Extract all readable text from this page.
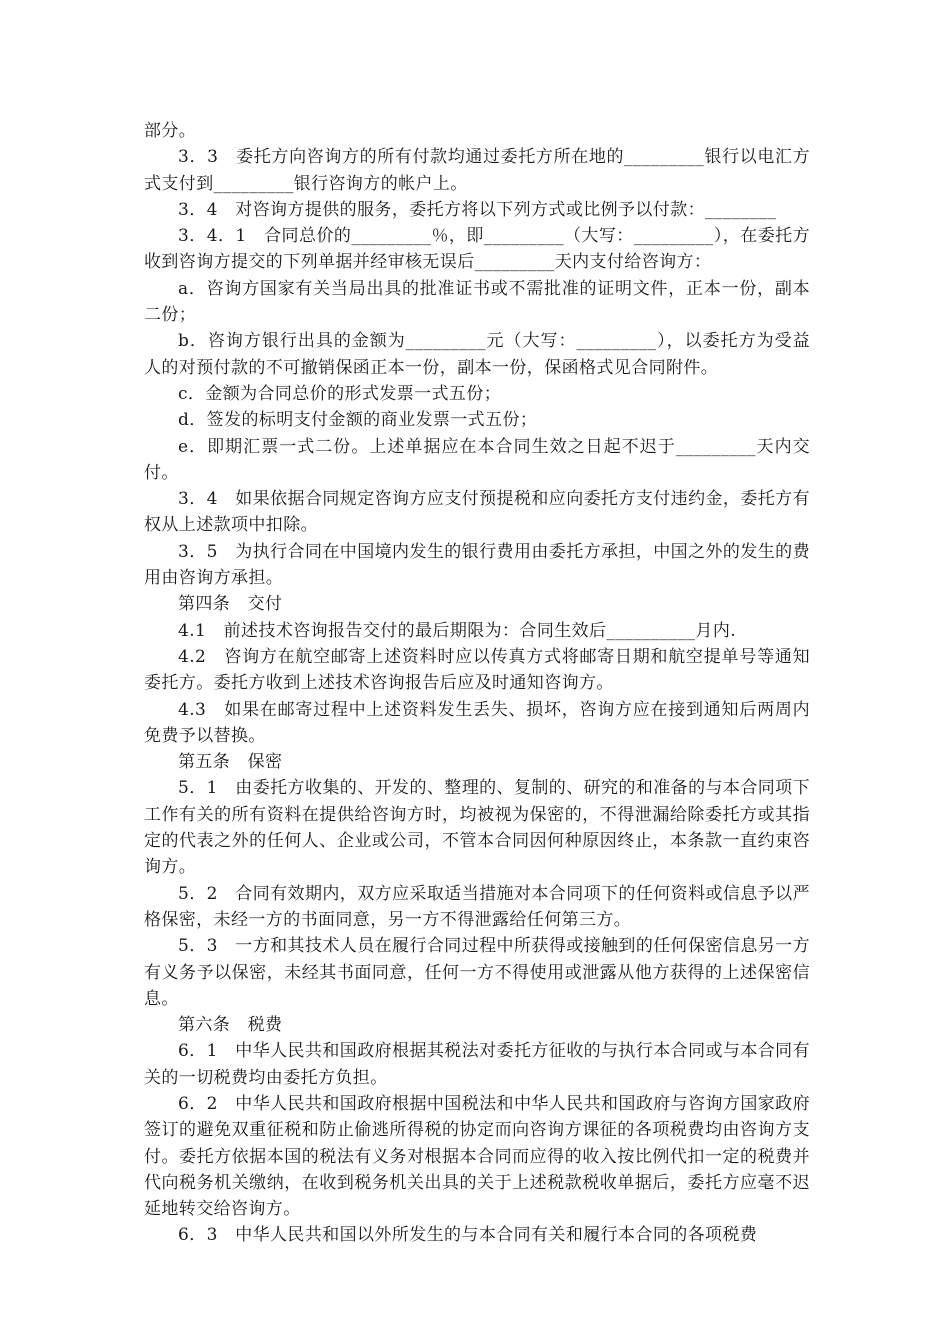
部分。

3．3　委托方向咨询方的所有付款均通过委托方所在地的_________银行以电汇方式支付到_________银行咨询方的帐户上。

3．4　对咨询方提供的服务，委托方将以下列方式或比例予以付款：________

3．4．1　合同总价的_________％，即_________（大写：_________），在委托方收到咨询方提交的下列单据并经审核无误后_________天内支付给咨询方：

a．咨询方国家有关当局出具的批准证书或不需批准的证明文件，正本一份，副本二份；

b．咨询方银行出具的金额为_________元（大写：_________），以委托方为受益人的对预付款的不可撤销保函正本一份，副本一份，保函格式见合同附件。

c．金额为合同总价的形式发票一式五份；

d．签发的标明支付金额的商业发票一式五份；

e．即期汇票一式二份。上述单据应在本合同生效之日起不迟于_________天内交付。

3．4　如果依据合同规定咨询方应支付预提税和应向委托方支付违约金，委托方有权从上述款项中扣除。

3．5　为执行合同在中国境内发生的银行费用由委托方承担，中国之外的发生的费用由咨询方承担。

第四条　交付

4.1　前述技术咨询报告交付的最后期限为：合同生效后__________月内.

4.2　咨询方在航空邮寄上述资料时应以传真方式将邮寄日期和航空提单号等通知委托方。委托方收到上述技术咨询报告后应及时通知咨询方。

4.3　如果在邮寄过程中上述资料发生丢失、损坏，咨询方应在接到通知后两周内免费予以替换。

第五条　保密

5．1　由委托方收集的、开发的、整理的、复制的、研究的和准备的与本合同项下工作有关的所有资料在提供给咨询方时，均被视为保密的，不得泄漏给除委托方或其指定的代表之外的任何人、企业或公司，不管本合同因何种原因终止，本条款一直约束咨询方。

5．2　合同有效期内，双方应采取适当措施对本合同项下的任何资料或信息予以严格保密，未经一方的书面同意，另一方不得泄露给任何第三方。

5．3　一方和其技术人员在履行合同过程中所获得或接触到的任何保密信息另一方有义务予以保密，未经其书面同意，任何一方不得使用或泄露从他方获得的上述保密信息。

第六条　税费

6．1　中华人民共和国政府根据其税法对委托方征收的与执行本合同或与本合同有关的一切税费均由委托方负担。

6．2　中华人民共和国政府根据中国税法和中华人民共和国政府与咨询方国家政府签订的避免双重征税和防止偷逃所得税的协定而向咨询方课征的各项税费均由咨询方支付。委托方依据本国的税法有义务对根据本合同而应得的收入按比例代扣一定的税费并代向税务机关缴纳，在收到税务机关出具的关于上述税款税收单据后，委托方应毫不迟延地转交给咨询方。

6．3　中华人民共和国以外所发生的与本合同有关和履行本合同的各项税费
